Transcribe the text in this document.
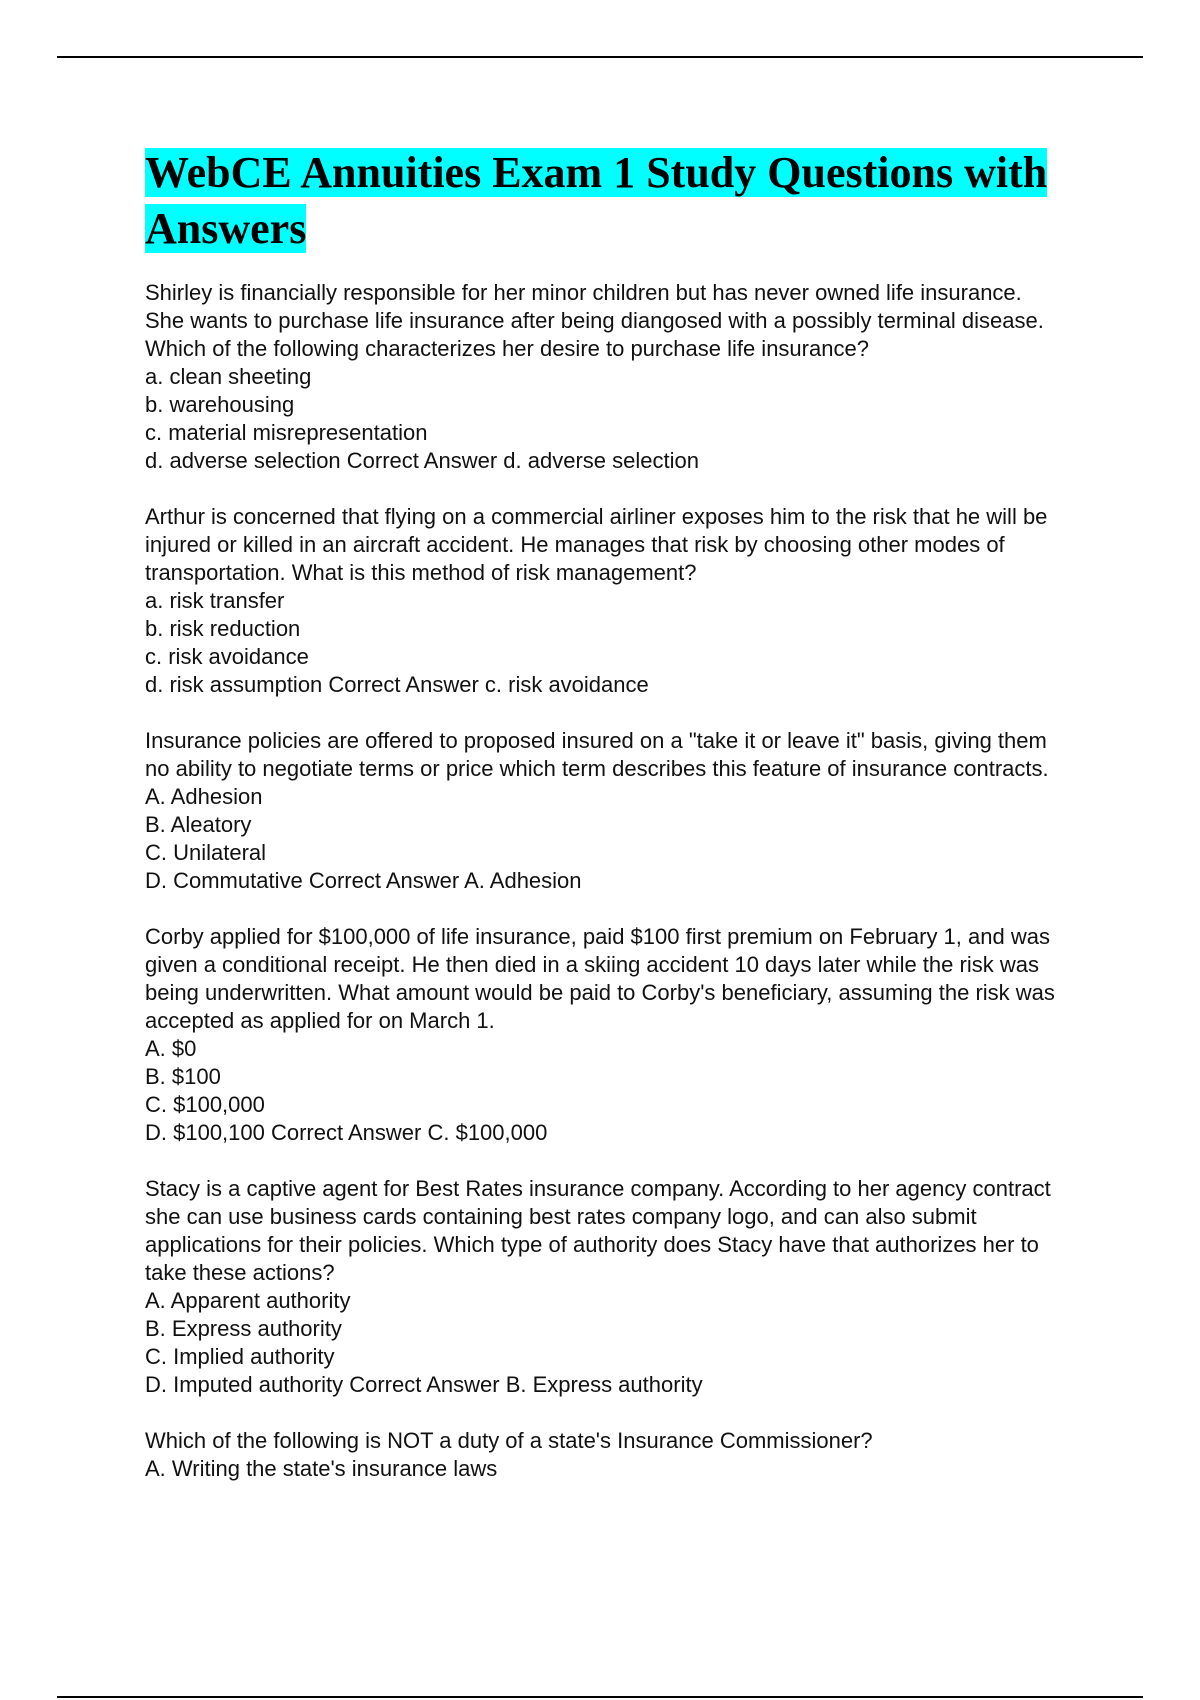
WebCE Annuities Exam 1 Study Questions with Answers

Shirley is financially responsible for her minor children but has never owned life insurance. She wants to purchase life insurance after being diangosed with a possibly terminal disease. Which of the following characterizes her desire to purchase life insurance?

a. clean sheeting

b. warehousing

c. material misrepresentation

d. adverse selection Correct Answer d. adverse selection

Arthur is concerned that flying on a commercial airliner exposes him to the risk that he will be injured or killed in an aircraft accident. He manages that risk by choosing other modes of transportation. What is this method of risk management?

a. risk transfer

b. risk reduction

c. risk avoidance

d. risk assumption Correct Answer c. risk avoidance

Insurance policies are offered to proposed insured on a "take it or leave it" basis, giving them no ability to negotiate terms or price which term describes this feature of insurance contracts.

A. Adhesion

B. Aleatory

C. Unilateral

D. Commutative Correct Answer A. Adhesion

Corby applied for $100,000 of life insurance, paid $100 first premium on February 1, and was given a conditional receipt. He then died in a skiing accident 10 days later while the risk was being underwritten. What amount would be paid to Corby's beneficiary, assuming the risk was accepted as applied for on March 1.

A. $0

B. $100

C. $100,000

D. $100,100 Correct Answer C. $100,000

Stacy is a captive agent for Best Rates insurance company. According to her agency contract she can use business cards containing best rates company logo, and can also submit applications for their policies. Which type of authority does Stacy have that authorizes her to take these actions?

A. Apparent authority

B. Express authority

C. Implied authority

D. Imputed authority Correct Answer B. Express authority

Which of the following is NOT a duty of a state's Insurance Commissioner?

A. Writing the state's insurance laws
